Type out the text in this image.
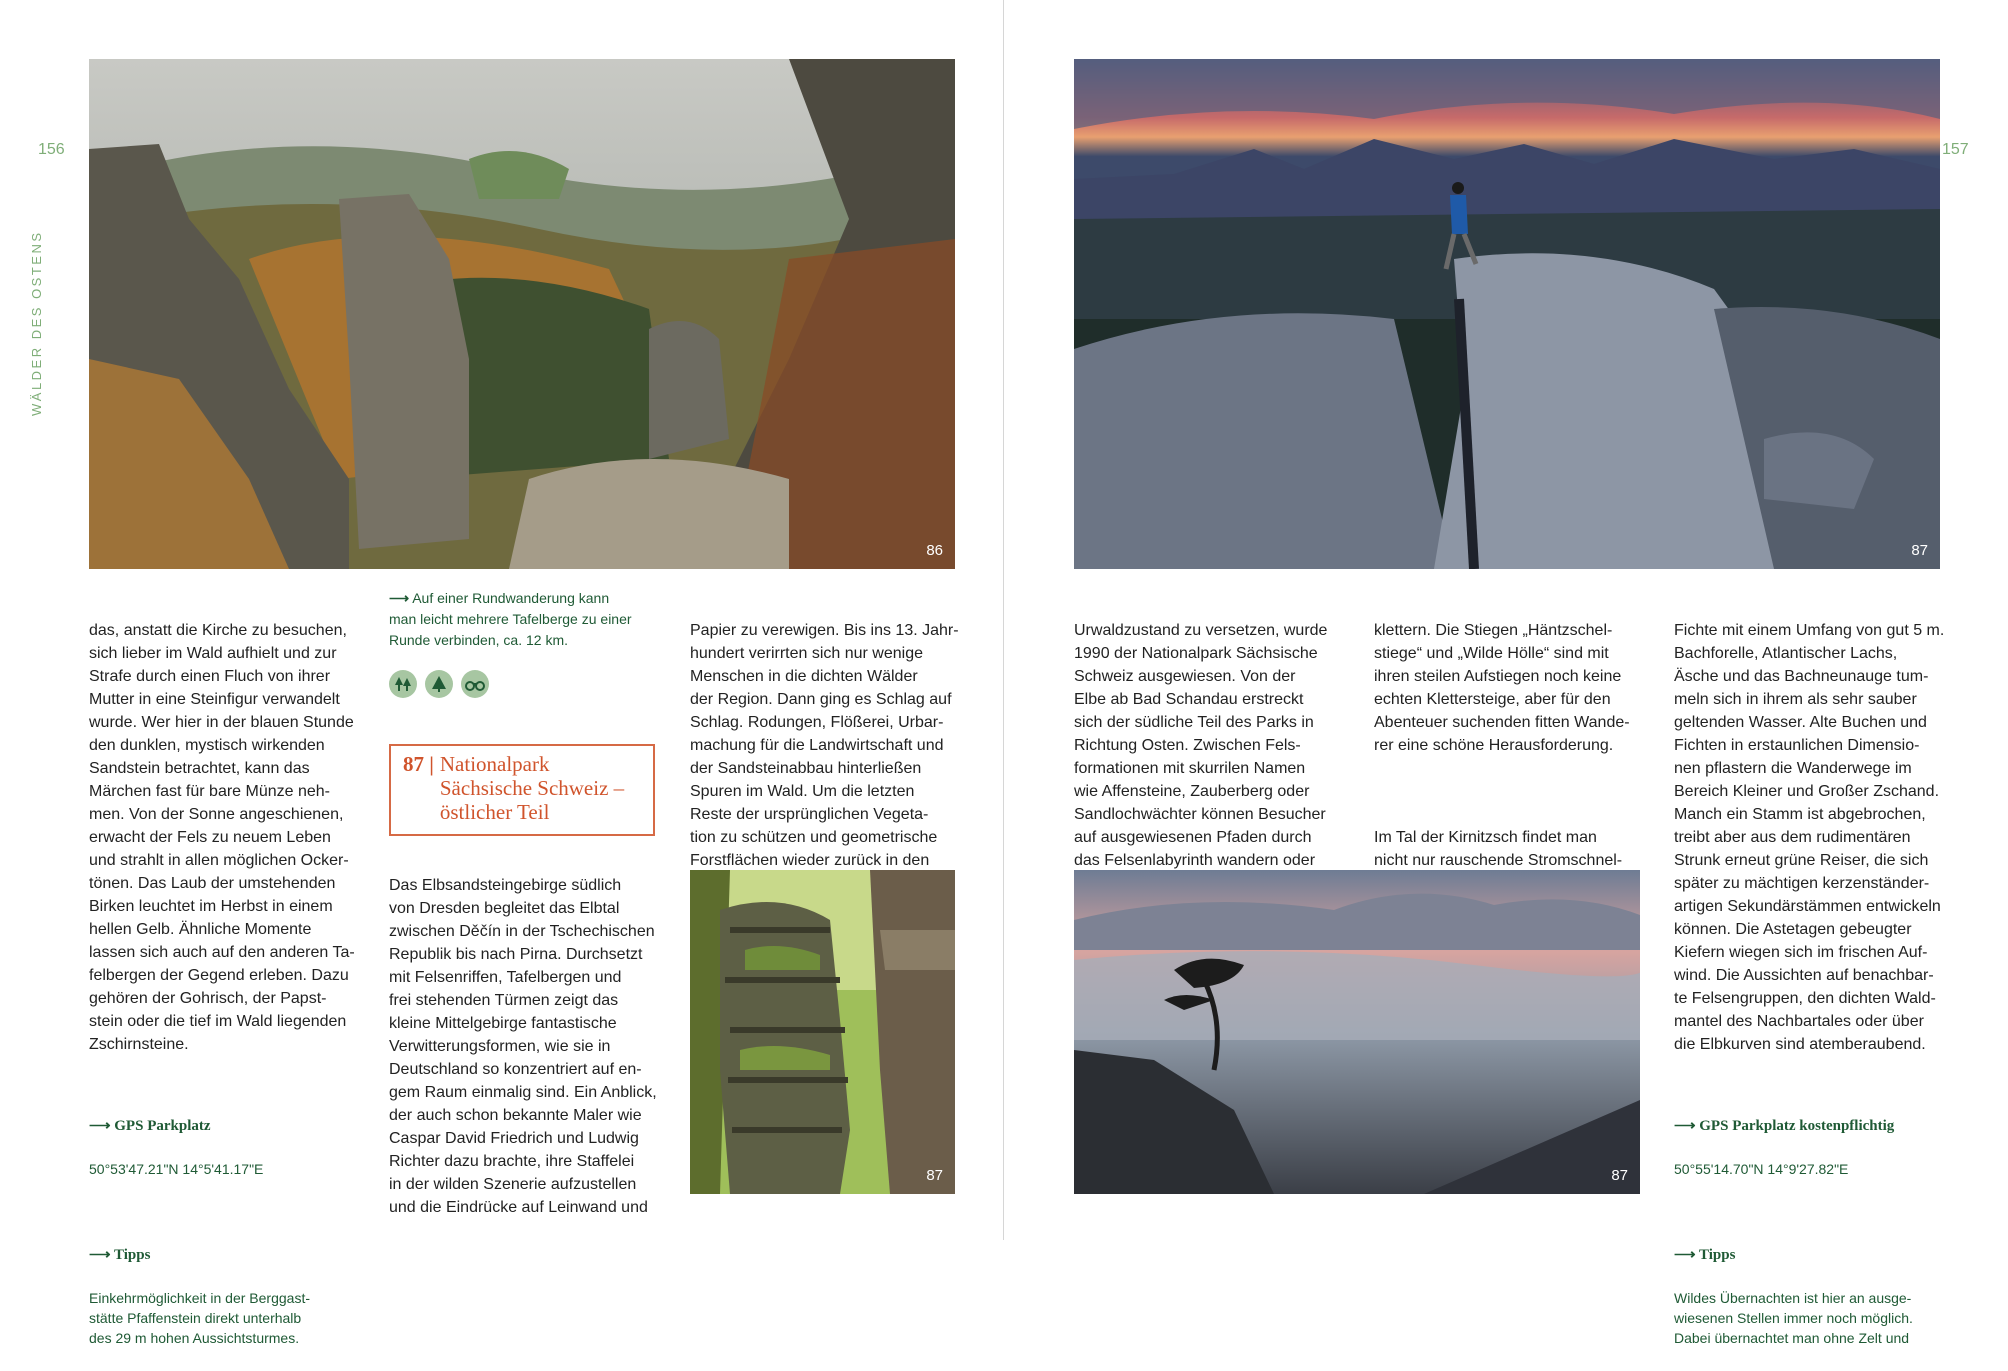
156
WÄLDER DES OSTENS
86

das, anstatt die Kirche zu besuchen,
sich lieber im Wald aufhielt und zur
Strafe durch einen Fluch von ihrer
Mutter in eine Steinfigur verwandelt
wurde. Wer hier in der blauen Stunde
den dunklen, mystisch wirkenden
Sandstein betrachtet, kann das
Märchen fast für bare Münze neh-
men. Von der Sonne angeschienen,
erwacht der Fels zu neuem Leben
und strahlt in allen möglichen Ocker-
tönen. Das Laub der umstehenden
Birken leuchtet im Herbst in einem
hellen Gelb. Ähnliche Momente
lassen sich auch auf den anderen Ta-
felbergen der Gegend erleben. Dazu
gehören der Gohrisch, der Papst-
stein oder die tief im Wald liegenden
Zschirnsteine.

⟶ GPS Parkplatz

50°53'47.21"N 14°5'41.17"E

⟶ Tipps

Einkehrmöglichkeit in der Berggast-
stätte Pfaffenstein direkt unterhalb
des 29 m hohen Aussichtsturmes.

⟶ Auf einer Rundwanderung kann
man leicht mehrere Tafelberge zu einer
Runde verbinden, ca. 12 km.
87 | Nationalpark
Sächsische Schweiz –
östlicher Teil

Das Elbsandsteingebirge südlich
von Dresden begleitet das Elbtal
zwischen Děčín in der Tschechischen
Republik bis nach Pirna. Durchsetzt
mit Felsenriffen, Tafelbergen und
frei stehenden Türmen zeigt das
kleine Mittelgebirge fantastische
Verwitterungsformen, wie sie in
Deutschland so konzentriert auf en-
gem Raum einmalig sind. Ein Anblick,
der auch schon bekannte Maler wie
Caspar David Friedrich und Ludwig
Richter dazu brachte, ihre Staffelei
in der wilden Szenerie aufzustellen
und die Eindrücke auf Leinwand und

Papier zu verewigen. Bis ins 13. Jahr-
hundert verirrten sich nur wenige
Menschen in die dichten Wälder
der Region. Dann ging es Schlag auf
Schlag. Rodungen, Flößerei, Urbar-
machung für die Landwirtschaft und
der Sandsteinabbau hinterließen
Spuren im Wald. Um die letzten
Reste der ursprünglichen Vegeta-
tion zu schützen und geometrische
Forstflächen wieder zurück in den

87
157
87

Urwaldzustand zu versetzen, wurde
1990 der Nationalpark Sächsische
Schweiz ausgewiesen. Von der
Elbe ab Bad Schandau erstreckt
sich der südliche Teil des Parks in
Richtung Osten. Zwischen Fels-
formationen mit skurrilen Namen
wie Affensteine, Zauberberg oder
Sandlochwächter können Besucher
auf ausgewiesenen Pfaden durch
das Felsenlabyrinth wandern oder

klettern. Die Stiegen „Häntzschel-
stiege“ und „Wilde Hölle“ sind mit
ihren steilen Aufstiegen noch keine
echten Klettersteige, aber für den
Abenteuer suchenden fitten Wande-
rer eine schöne Herausforderung.

Im Tal der Kirnitzsch findet man
nicht nur rauschende Stromschnel-

87

Fichte mit einem Umfang von gut 5 m.
Bachforelle, Atlantischer Lachs,
Äsche und das Bachneunauge tum-
meln sich in ihrem als sehr sauber
geltenden Wasser. Alte Buchen und
Fichten in erstaunlichen Dimensio-
nen pflastern die Wanderwege im
Bereich Kleiner und Großer Zschand.
Manch ein Stamm ist abgebrochen,
treibt aber aus dem rudimentären
Strunk erneut grüne Reiser, die sich
später zu mächtigen kerzenständer-
artigen Sekundärstämmen entwickeln
können. Die Astetagen gebeugter
Kiefern wiegen sich im frischen Auf-
wind. Die Aussichten auf benachbar-
te Felsengruppen, den dichten Wald-
mantel des Nachbartales oder über
die Elbkurven sind atemberaubend.

⟶ GPS Parkplatz kostenpflichtig

50°55'14.70"N 14°9'27.82"E

⟶ Tipps

Wildes Übernachten ist hier an ausge-
wiesenen Stellen immer noch möglich.
Dabei übernachtet man ohne Zelt und
